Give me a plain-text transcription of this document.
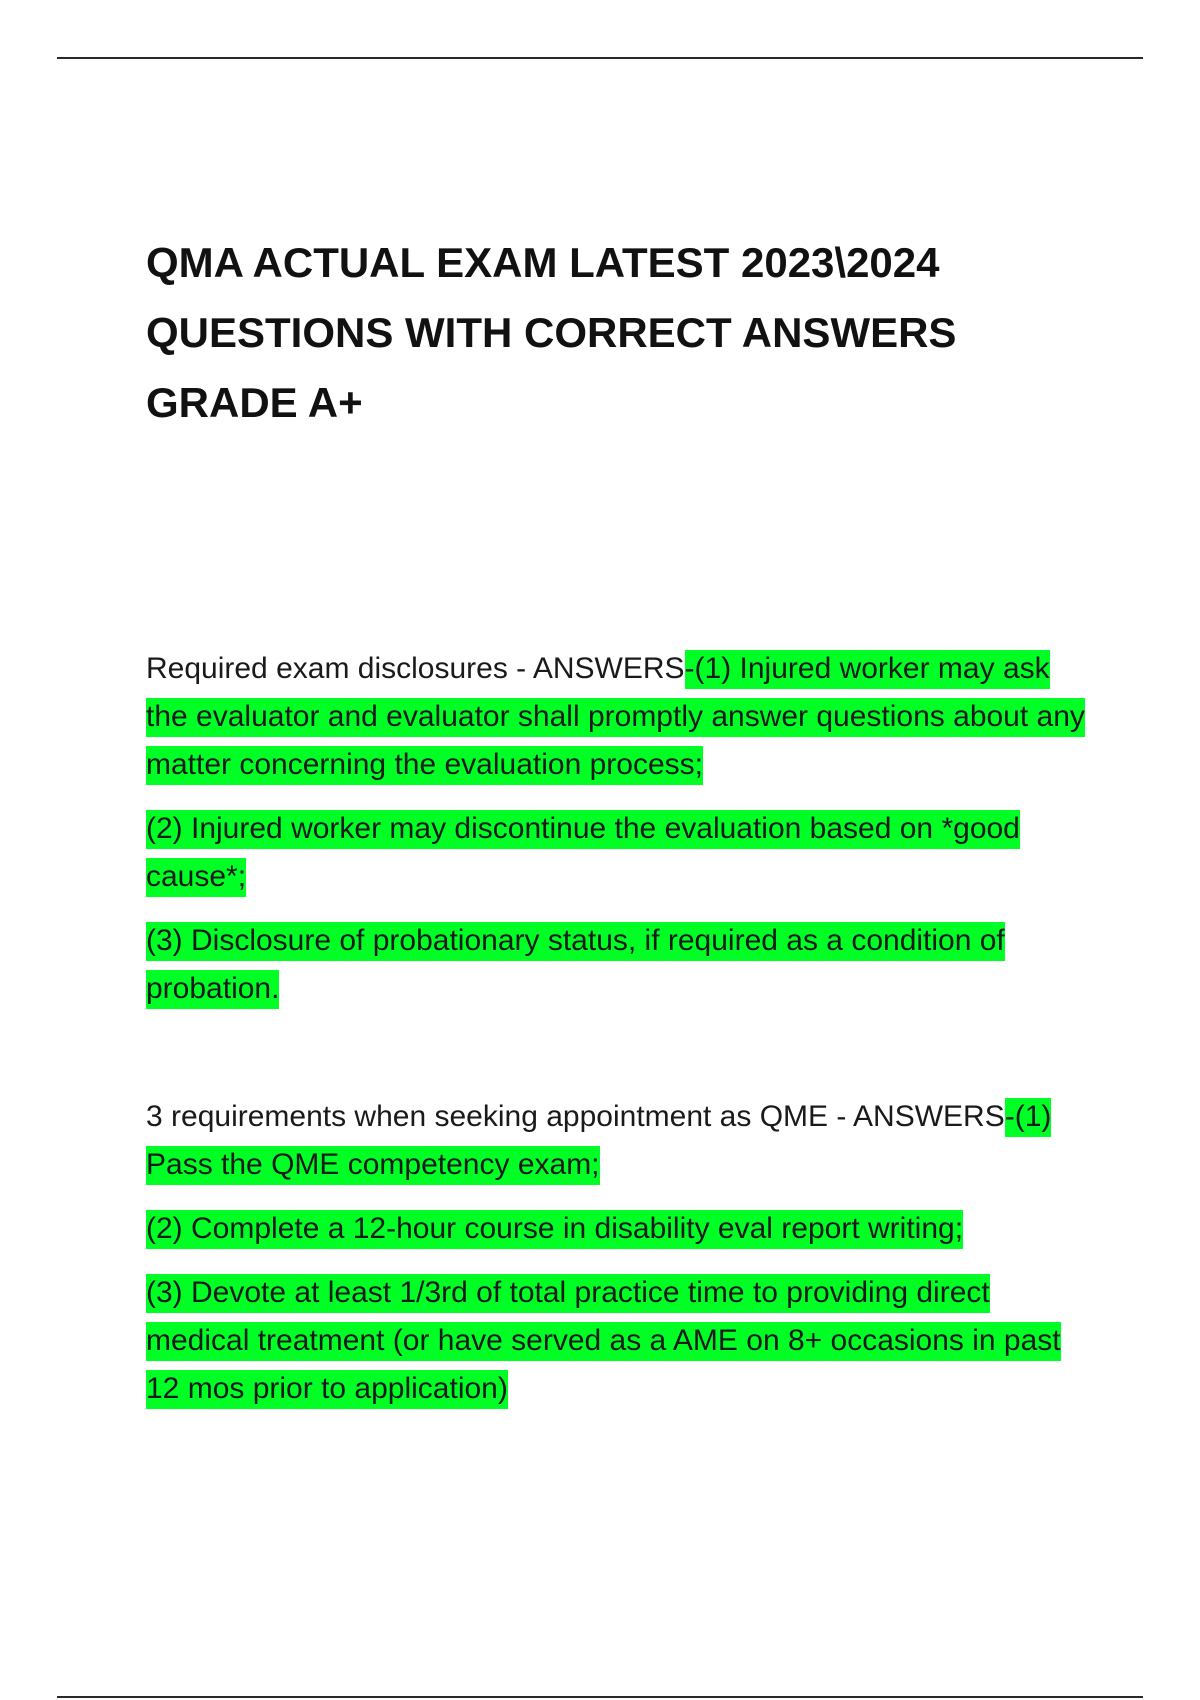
QMA ACTUAL EXAM LATEST 2023\2024
QUESTIONS WITH CORRECT ANSWERS
GRADE A+

Required exam disclosures - ANSWERS-(1) Injured worker may ask the evaluator and evaluator shall promptly answer questions about any matter concerning the evaluation process;

(2) Injured worker may discontinue the evaluation based on *good cause*;

(3) Disclosure of probationary status, if required as a condition of probation.

3 requirements when seeking appointment as QME - ANSWERS-(1) Pass the QME competency exam;

(2) Complete a 12-hour course in disability eval report writing;

(3) Devote at least 1/3rd of total practice time to providing direct medical treatment (or have served as a AME on 8+ occasions in past 12 mos prior to application)
